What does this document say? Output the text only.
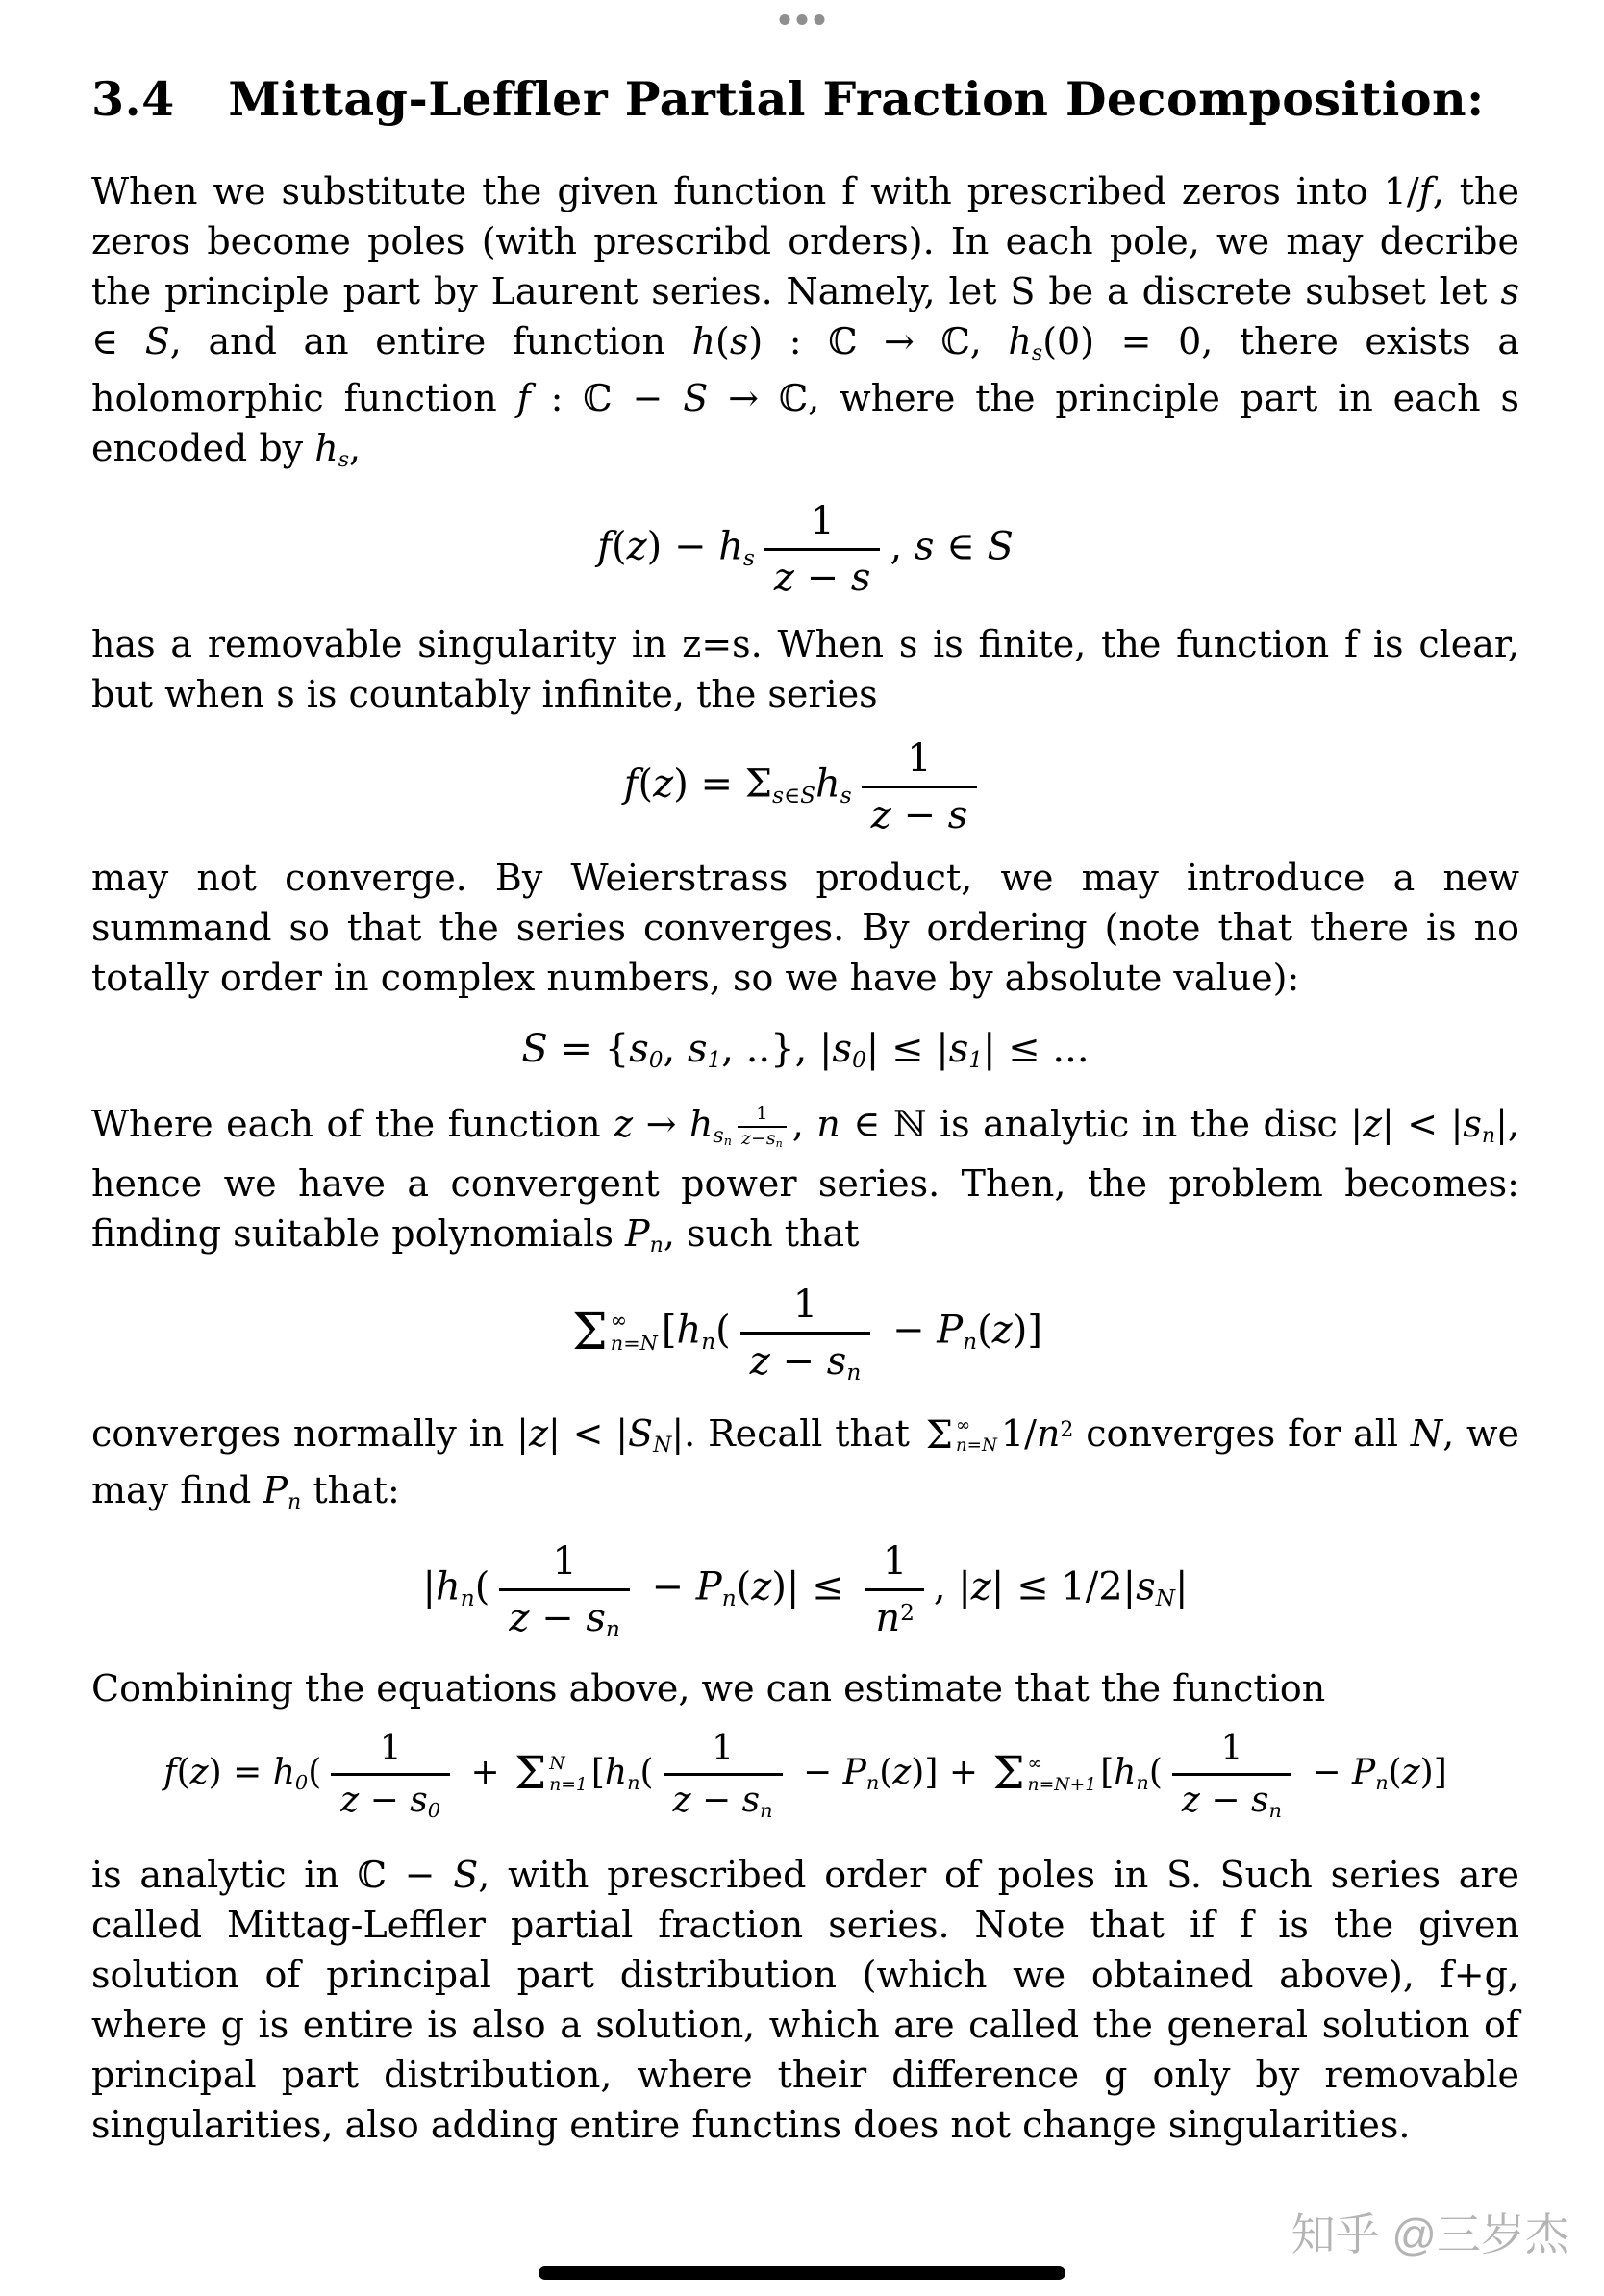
3.4 Mittag-Leffler Partial Fraction Decomposition:

When we substitute the given function f with prescribed zeros into 1/f, the zeros become poles (with prescribd orders). In each pole, we may decribe the principle part by Laurent series. Namely, let S be a discrete subset let s ∈ S, and an entire function h(s) : ℂ → ℂ, hs(0) = 0, there exists a holomorphic function f : ℂ − S → ℂ, where the principle part in each s encoded by hs,

f(z) − hs $\frac{1}{z - s}$ , s ∈ S

has a removable singularity in z=s. When s is finite, the function f is clear, but when s is countably infinite, the series

f(z) = Σs∈Shs $\frac{1}{z - s}$

may not converge. By Weierstrass product, we may introduce a new summand so that the series converges. By ordering (note that there is no totally order in complex numbers, so we have by absolute value):

S = {s0, s1, ..}, |s0| ≤ |s1| ≤ ...

Where each of the function z → hsn $\frac{1}{z-sn}$ , n ∈ ℕ is analytic in the disc |z| < |sn|, hence we have a convergent power series. Then, the problem becomes: finding suitable polynomials Pn, such that

Σ ∞
n=N [$hn( \frac{1}{z - sn} - Pn(z)]$

converges normally in |z| < |SN|. Recall that Σ ∞
n=N $1/n^2$ converges for all N, we may find Pn that:

$|hn( \frac{1}{z - sn} - Pn(z)| \le \frac{1}{n^2}$ , |z| ≤ 1/2|sN|

Combining the equations above, we can estimate that the function

$f(z) = h0( \frac{1}{z - s0} + \Sigma$ N
n=1 [$hn( \frac{1}{z - sn} - Pn(z)] + \Sigma$ ∞
n=N+1 [$hn( \frac{1}{z - sn} - Pn(z)]$

is analytic in ℂ − S, with prescribed order of poles in S. Such series are called Mittag-Leffler partial fraction series. Note that if f is the given solution of principal part distribution (which we obtained above), f+g, where g is entire is also a solution, which are called the general solution of principal part distribution, where their difference g only by removable singularities, also adding entire functins does not change singularities.

知乎 @三岁杰
